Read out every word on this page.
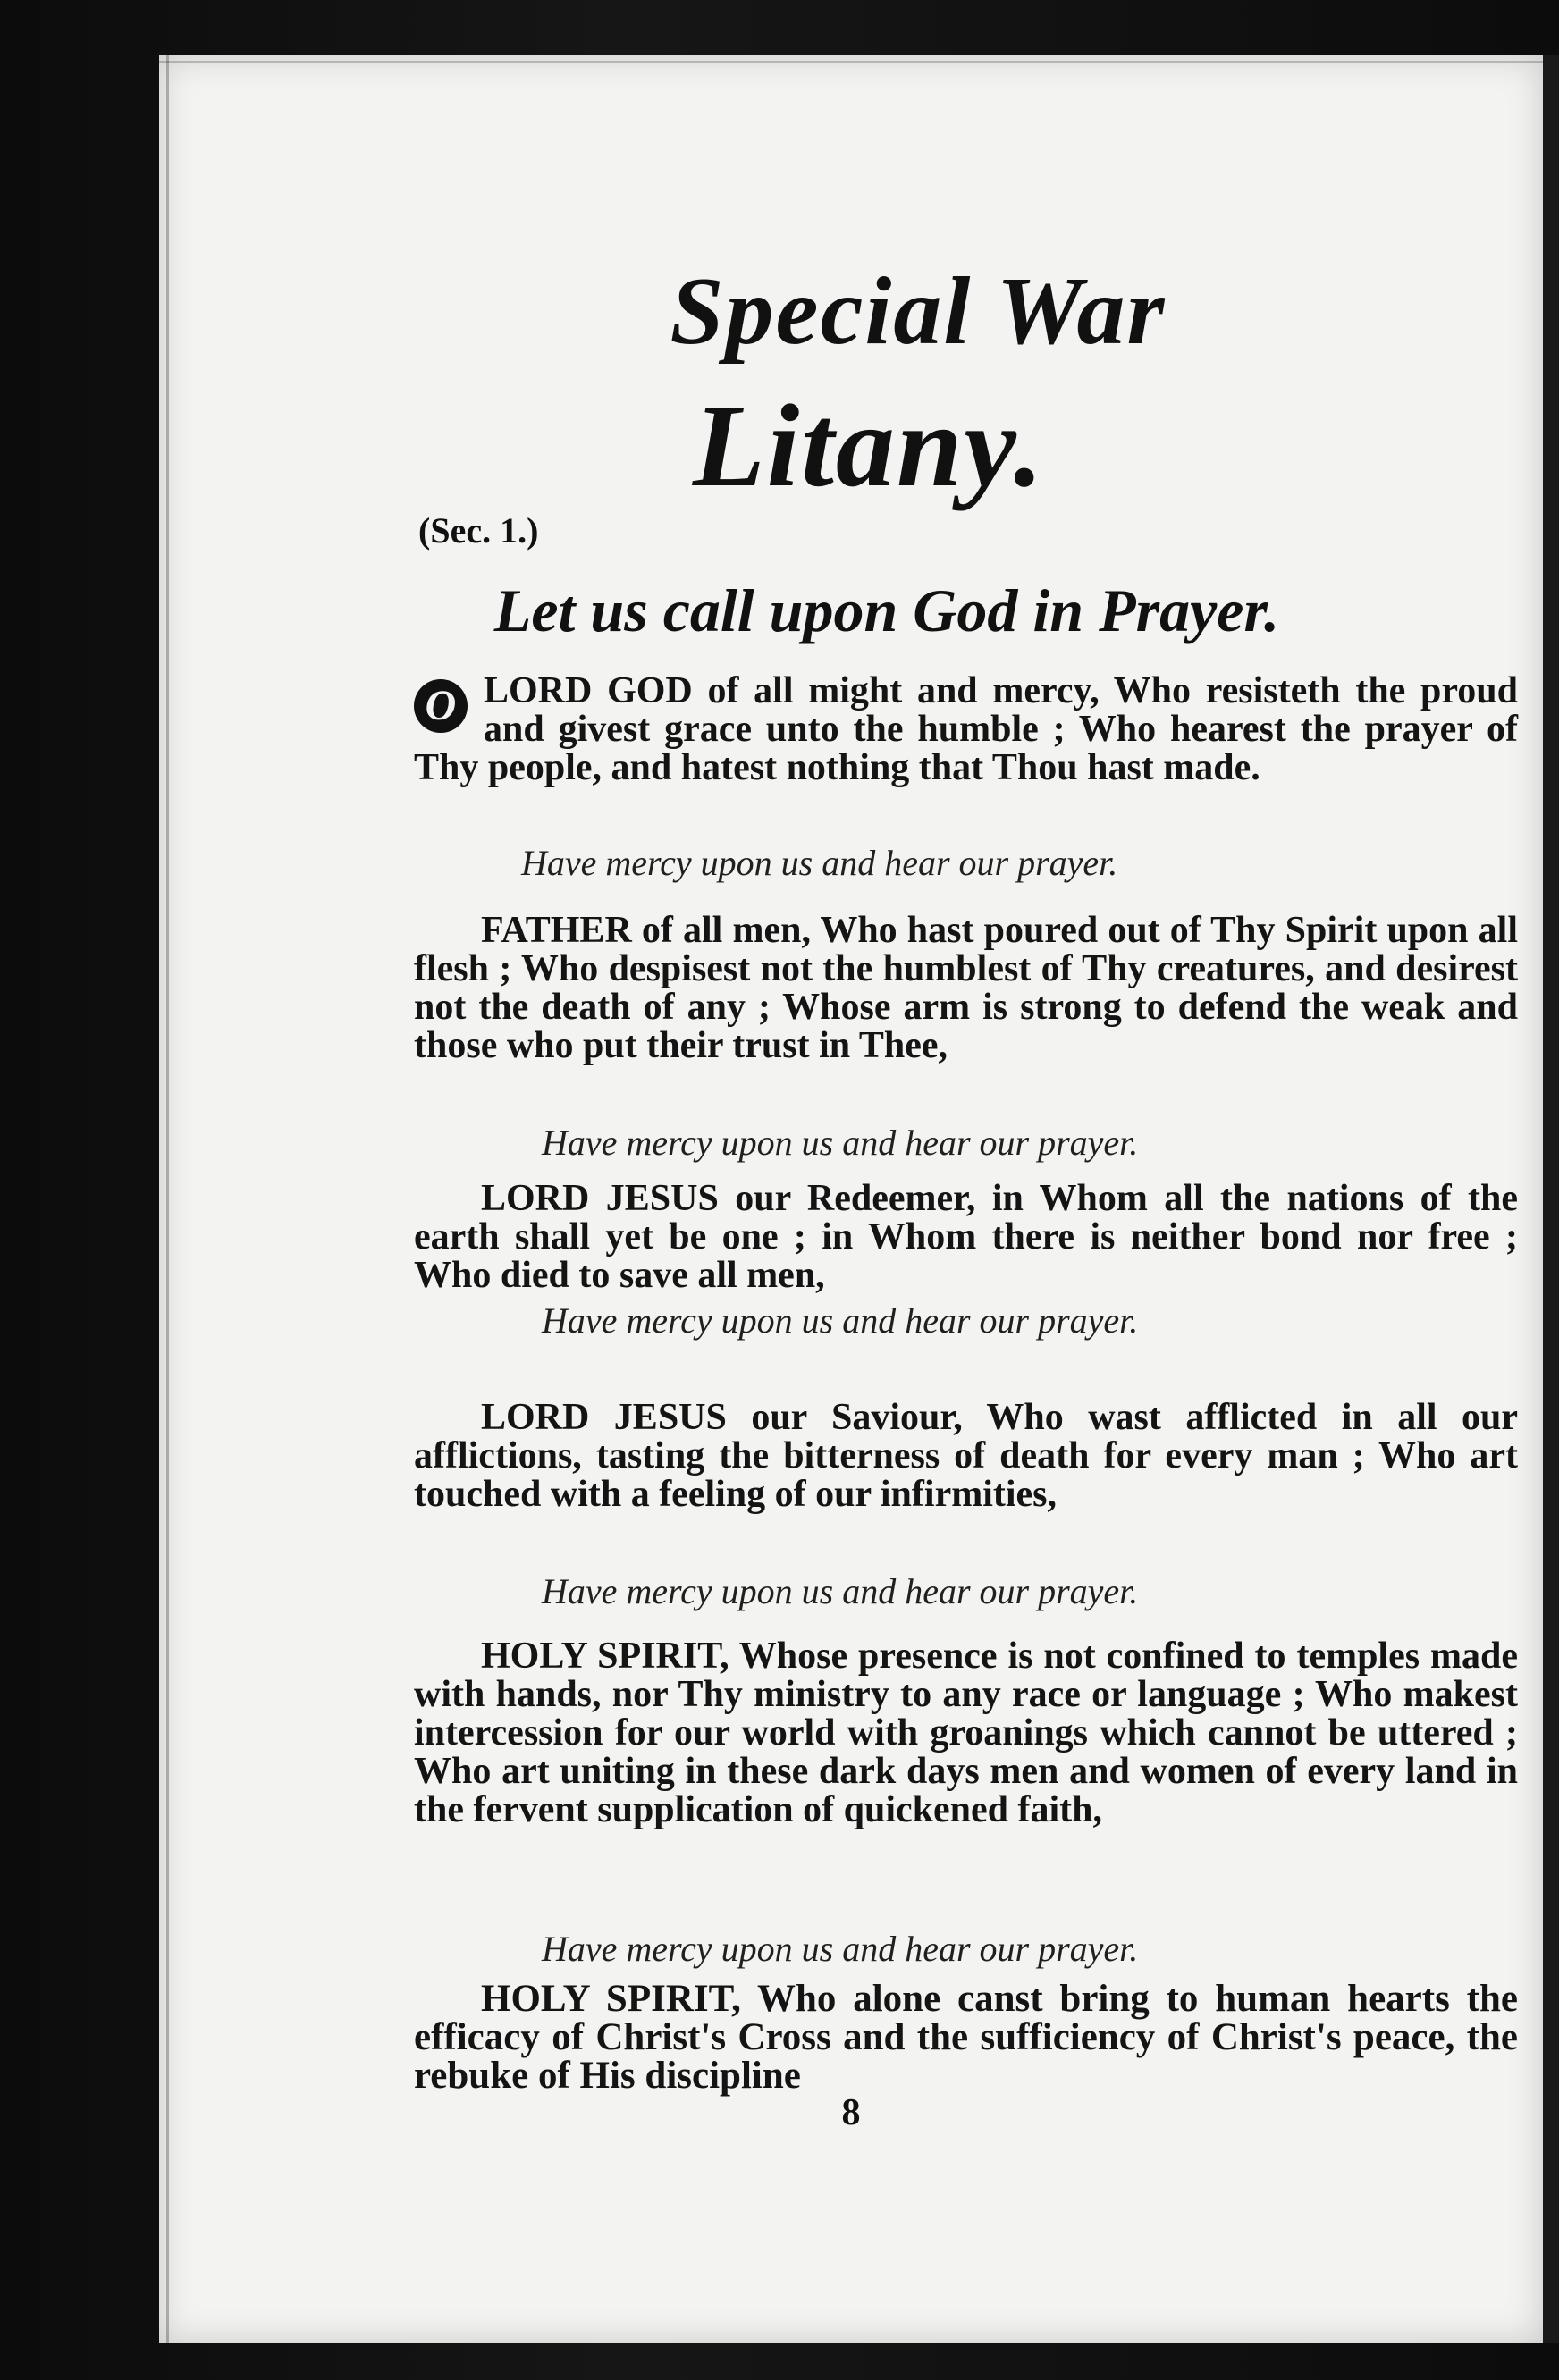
Special War
Litany.
(Sec. 1.)
Let us call upon God in Prayer.
O LORD GOD of all might and mercy, Who resisteth the proud and givest grace unto the humble ; Who hearest the prayer of Thy people, and hatest nothing that Thou hast made.
Have mercy upon us and hear our prayer.
FATHER of all men, Who hast poured out of Thy Spirit upon all flesh ; Who despisest not the humblest of Thy creatures, and desirest not the death of any ; Whose arm is strong to defend the weak and those who put their trust in Thee,
Have mercy upon us and hear our prayer.
LORD JESUS our Redeemer, in Whom all the nations of the earth shall yet be one ; in Whom there is neither bond nor free ; Who died to save all men,
Have mercy upon us and hear our prayer.
LORD JESUS our Saviour, Who wast afflicted in all our afflictions, tasting the bitterness of death for every man ; Who art touched with a feeling of our infirmities,
Have mercy upon us and hear our prayer.
HOLY SPIRIT, Whose presence is not confined to temples made with hands, nor Thy ministry to any race or language ; Who makest intercession for our world with groanings which cannot be uttered ; Who art uniting in these dark days men and women of every land in the fervent supplication of quickened faith,
Have mercy upon us and hear our prayer.
HOLY SPIRIT, Who alone canst bring to human hearts the efficacy of Christ's Cross and the sufficiency of Christ's peace, the rebuke of His discipline
8
